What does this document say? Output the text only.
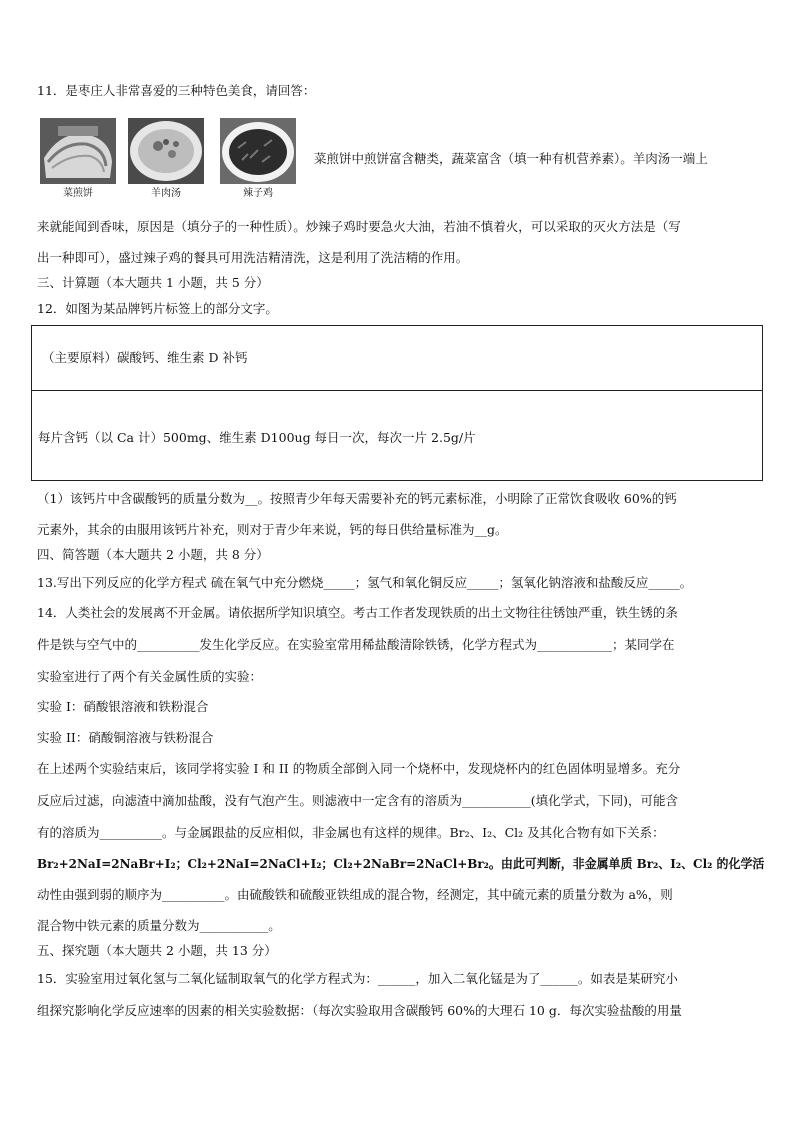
11．是枣庄人非常喜爱的三种特色美食，请回答：
菜煎饼	羊肉汤	辣子鸡
菜煎饼中煎饼富含糖类，蔬菜富含（填一种有机营养素）。羊肉汤一端上
来就能闻到香味，原因是（填分子的一种性质）。炒辣子鸡时要急火大油，若油不慎着火，可以采取的灭火方法是（写
出一种即可），盛过辣子鸡的餐具可用洗洁精清洗，这是利用了洗洁精的作用。
三、计算题（本大题共 1 小题，共 5 分）
12．如图为某品牌钙片标签上的部分文字。
（主要原料）碳酸钙、维生素 D 补钙
每片含钙（以 Ca 计）500mg、维生素 D100ug 每日一次，每次一片 2.5g/片
（1）该钙片中含碳酸钙的质量分数为__。按照青少年每天需要补充的钙元素标准，小明除了正常饮食吸收 60%的钙
元素外，其余的由服用该钙片补充，则对于青少年来说，钙的每日供给量标准为__g。
四、简答题（本大题共 2 小题，共 8 分）
13.写出下列反应的化学方程式 硫在氧气中充分燃烧_____；氢气和氧化铜反应_____；氢氧化钠溶液和盐酸反应_____。
14．人类社会的发展离不开金属。请依据所学知识填空。考古工作者发现铁质的出土文物往往锈蚀严重，铁生锈的条
件是铁与空气中的__________发生化学反应。在实验室常用稀盐酸清除铁锈，化学方程式为____________；某同学在
实验室进行了两个有关金属性质的实验：
实验 I：硝酸银溶液和铁粉混合
实验 II：硝酸铜溶液与铁粉混合
在上述两个实验结束后，该同学将实验 I 和 II 的物质全部倒入同一个烧杯中，发现烧杯内的红色固体明显增多。充分
反应后过滤，向滤渣中滴加盐酸，没有气泡产生。则滤液中一定含有的溶质为___________(填化学式，下同)，可能含
有的溶质为__________。与金属跟盐的反应相似，非金属也有这样的规律。Br₂、I₂、Cl₂ 及其化合物有如下关系：
Br₂+2NaI=2NaBr+I₂；Cl₂+2NaI=2NaCl+I₂；Cl₂+2NaBr=2NaCl+Br₂。由此可判断，非金属单质 Br₂、I₂、Cl₂ 的化学活
动性由强到弱的顺序为__________。由硫酸铁和硫酸亚铁组成的混合物，经测定，其中硫元素的质量分数为 a%，则
混合物中铁元素的质量分数为___________。
五、探究题（本大题共 2 小题，共 13 分）
15．实验室用过氧化氢与二氧化锰制取氧气的化学方程式为：______，加入二氧化锰是为了______。如表是某研究小
组探究影响化学反应速率的因素的相关实验数据：（每次实验取用含碳酸钙 60%的大理石 10 g．每次实验盐酸的用量
